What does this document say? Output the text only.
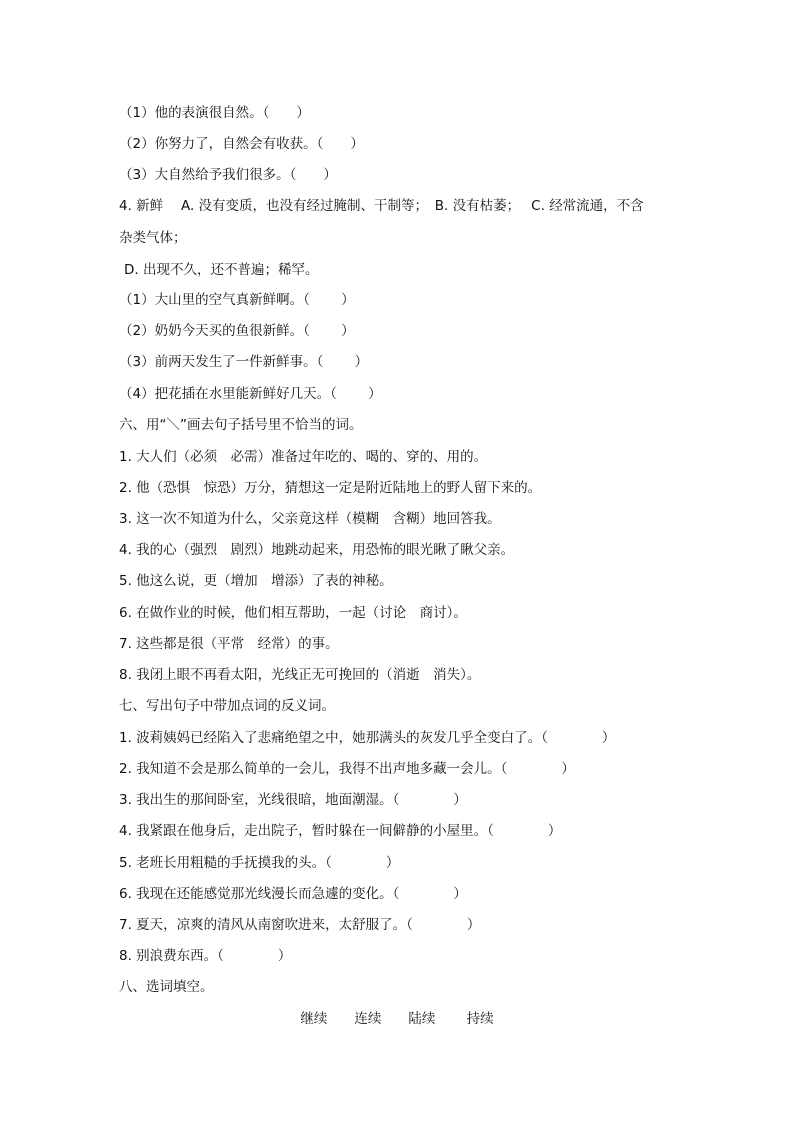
（1）他的表演很自然。（　　）
（2）你努力了，自然会有收获。（　　）
（3）大自然给予我们很多。（　　）
4. 新鲜　 A. 没有变质，也没有经过腌制、干制等；　B. 没有枯萎；　 C. 经常流通，不含
杂类气体；
D. 出现不久，还不普遍；稀罕。
（1）大山里的空气真新鲜啊。（　　 ）
（2）奶奶今天买的鱼很新鲜。（　　 ）
（3）前两天发生了一件新鲜事。（　　 ）
（4）把花插在水里能新鲜好几天。（　　 ）
六、用“＼”画去句子括号里不恰当的词。
1. 大人们（必须　必需）准备过年吃的、喝的、穿的、用的。
2. 他（恐惧　惊恐）万分，猜想这一定是附近陆地上的野人留下来的。
3. 这一次不知道为什么，父亲竟这样（模糊　含糊）地回答我。
4. 我的心（强烈　剧烈）地跳动起来，用恐怖的眼光瞅了瞅父亲。
5. 他这么说，更（增加　增添）了表的神秘。
6. 在做作业的时候，他们相互帮助，一起（讨论　商讨）。
7. 这些都是很（平常　经常）的事。
8. 我闭上眼不再看太阳，光线正无可挽回的（消逝　消失）。
七、写出句子中带加点词的反义词。
1. 波莉姨妈已经陷入了悲痛绝望之中，她那满头的灰发几乎全变白了。（　　　　）
2. 我知道不会是那么简单的一会儿，我得不出声地多藏一会儿。（　　　　）
3. 我出生的那间卧室，光线很暗，地面潮湿。（　　　　）
4. 我紧跟在他身后，走出院子，暂时躲在一间僻静的小屋里。（　　　　）
5. 老班长用粗糙的手抚摸我的头。（　　　　）
6. 我现在还能感觉那光线漫长而急遽的变化。（　　　　）
7. 夏天，凉爽的清风从南窗吹进来，太舒服了。（　　　　）
8. 别浪费东西。（　　　　）
八、选词填空。
继续　　连续　　陆续　　 持续
